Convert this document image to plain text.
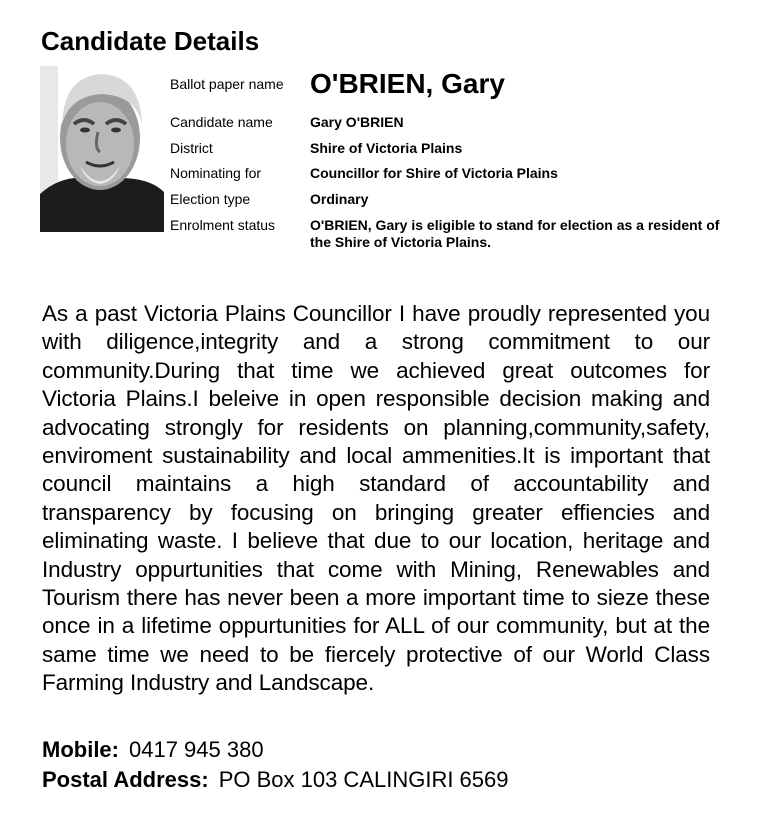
Candidate Details
Ballot paper name O'BRIEN, Gary
Candidate name	Gary O'BRIEN
District	Shire of Victoria Plains
Nominating for	Councillor for Shire of Victoria Plains
Election type	Ordinary
Enrolment status	O'BRIEN, Gary is eligible to stand for election as a resident of the Shire of Victoria Plains.

As a past Victoria Plains Councillor I have proudly represented you with diligence,integrity and a strong commitment to our community.During that time we achieved great outcomes for Victoria Plains.I beleive in open responsible decision making and advocating strongly for residents on planning,community,safety, enviroment sustainability and local ammenities.It is important that council maintains a high standard of accountability and transparency by focusing on bringing greater effiencies and eliminating waste. I believe that due to our location, heritage and Industry oppurtunities that come with Mining, Renewables and Tourism there has never been a more important time to sieze these once in a lifetime oppurtunities for ALL of our community, but at the same time we need to be fiercely protective of our World Class Farming Industry and Landscape.

Mobile: 0417 945 380
Postal Address: PO Box 103 CALINGIRI 6569
